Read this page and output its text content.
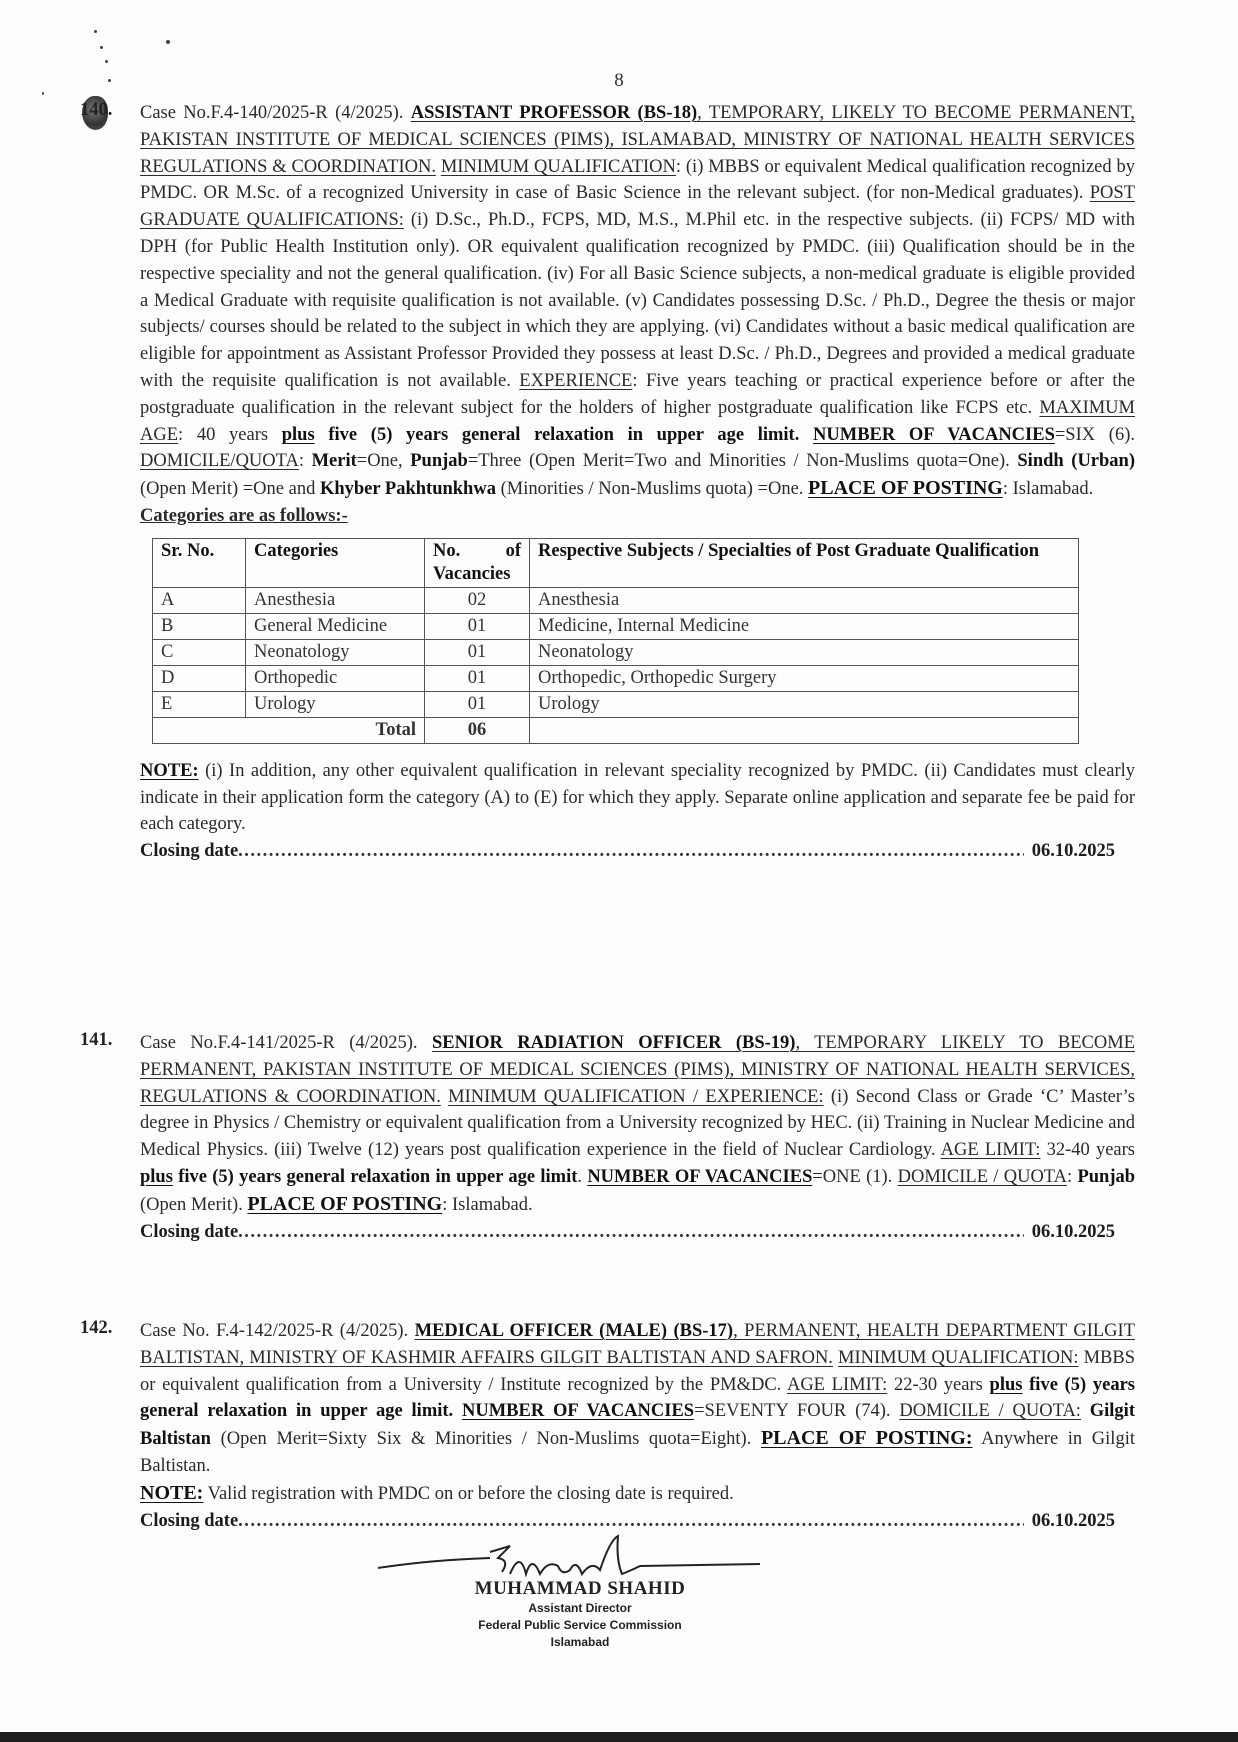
8
140. Case No.F.4-140/2025-R (4/2025). ASSISTANT PROFESSOR (BS-18), TEMPORARY, LIKELY TO BECOME PERMANENT, PAKISTAN INSTITUTE OF MEDICAL SCIENCES (PIMS), ISLAMABAD, MINISTRY OF NATIONAL HEALTH SERVICES REGULATIONS & COORDINATION. MINIMUM QUALIFICATION: (i) MBBS or equivalent Medical qualification recognized by PMDC. OR M.Sc. of a recognized University in case of Basic Science in the relevant subject. (for non-Medical graduates). POST GRADUATE QUALIFICATIONS: (i) D.Sc., Ph.D., FCPS, MD, M.S., M.Phil etc. in the respective subjects. (ii) FCPS/ MD with DPH (for Public Health Institution only). OR equivalent qualification recognized by PMDC. (iii) Qualification should be in the respective speciality and not the general qualification. (iv) For all Basic Science subjects, a non-medical graduate is eligible provided a Medical Graduate with requisite qualification is not available. (v) Candidates possessing D.Sc. / Ph.D., Degree the thesis or major subjects/ courses should be related to the subject in which they are applying. (vi) Candidates without a basic medical qualification are eligible for appointment as Assistant Professor Provided they possess at least D.Sc. / Ph.D., Degrees and provided a medical graduate with the requisite qualification is not available. EXPERIENCE: Five years teaching or practical experience before or after the postgraduate qualification in the relevant subject for the holders of higher postgraduate qualification like FCPS etc. MAXIMUM AGE: 40 years plus five (5) years general relaxation in upper age limit. NUMBER OF VACANCIES=SIX (6). DOMICILE/QUOTA: Merit=One, Punjab=Three (Open Merit=Two and Minorities / Non-Muslims quota=One). Sindh (Urban) (Open Merit) =One and Khyber Pakhtunkhwa (Minorities / Non-Muslims quota) =One. PLACE OF POSTING: Islamabad.
Categories are as follows:-
Sr. No.	Categories	No. of Vacancies	Respective Subjects / Specialties of Post Graduate Qualification
A	Anesthesia	02	Anesthesia
B	General Medicine	01	Medicine, Internal Medicine
C	Neonatology	01	Neonatology
D	Orthopedic	01	Orthopedic, Orthopedic Surgery
E	Urology	01	Urology
Total		06	
NOTE: (i) In addition, any other equivalent qualification in relevant speciality recognized by PMDC. (ii) Candidates must clearly indicate in their application form the category (A) to (E) for which they apply. Separate online application and separate fee be paid for each category.
Closing date .....	06.10.2025
141. Case No.F.4-141/2025-R (4/2025). SENIOR RADIATION OFFICER (BS-19), TEMPORARY LIKELY TO BECOME PERMANENT, PAKISTAN INSTITUTE OF MEDICAL SCIENCES (PIMS), MINISTRY OF NATIONAL HEALTH SERVICES, REGULATIONS & COORDINATION. MINIMUM QUALIFICATION / EXPERIENCE: (i) Second Class or Grade ‘C’ Master’s degree in Physics / Chemistry or equivalent qualification from a University recognized by HEC. (ii) Training in Nuclear Medicine and Medical Physics. (iii) Twelve (12) years post qualification experience in the field of Nuclear Cardiology. AGE LIMIT: 32-40 years plus five (5) years general relaxation in upper age limit. NUMBER OF VACANCIES=ONE (1). DOMICILE / QUOTA: Punjab (Open Merit). PLACE OF POSTING: Islamabad.
Closing date .....	06.10.2025
142. Case No. F.4-142/2025-R (4/2025). MEDICAL OFFICER (MALE) (BS-17), PERMANENT, HEALTH DEPARTMENT GILGIT BALTISTAN, MINISTRY OF KASHMIR AFFAIRS GILGIT BALTISTAN AND SAFRON. MINIMUM QUALIFICATION: MBBS or equivalent qualification from a University / Institute recognized by the PM&DC. AGE LIMIT: 22-30 years plus five (5) years general relaxation in upper age limit. NUMBER OF VACANCIES=SEVENTY FOUR (74). DOMICILE / QUOTA: Gilgit Baltistan (Open Merit=Sixty Six & Minorities / Non-Muslims quota=Eight). PLACE OF POSTING: Anywhere in Gilgit Baltistan.
NOTE: Valid registration with PMDC on or before the closing date is required.
Closing date .....	06.10.2025
MUHAMMAD SHAHID
Assistant Director
Federal Public Service Commission
Islamabad
